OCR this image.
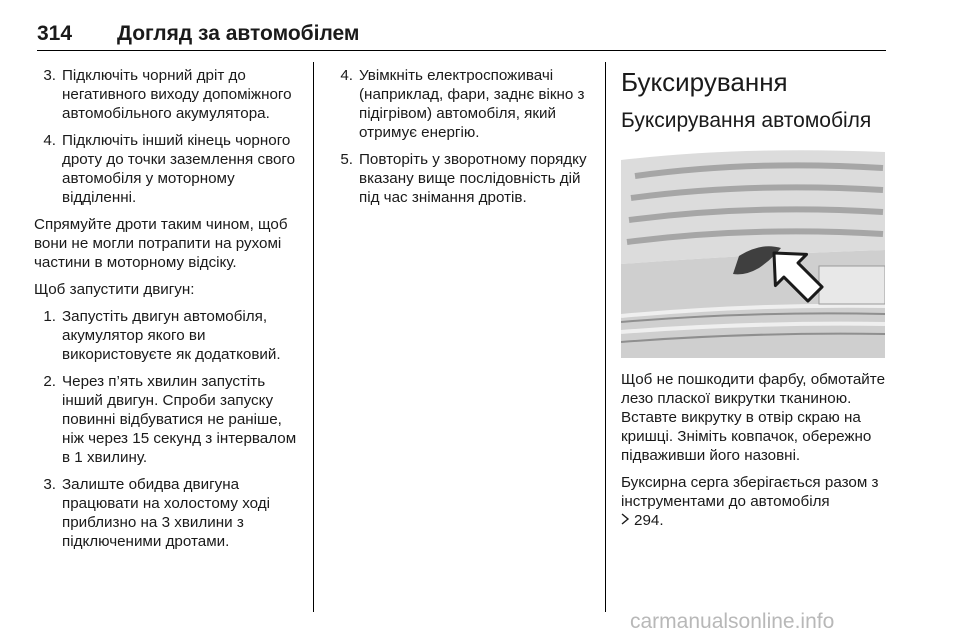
314 Догляд за автомобілем
3. Підключіть чорний дріт до негативного виходу допоміжного автомобільного акумулятора.
4. Підключіть інший кінець чорного дроту до точки заземлення свого автомобіля у моторному відділенні.

Спрямуйте дроти таким чином, щоб вони не могли потрапити на рухомі частини в моторному відсіку.

Щоб запустити двигун:

1. Запустіть двигун автомобіля, акумулятор якого ви використовуєте як додатковий.
2. Через п’ять хвилин запустіть інший двигун. Спроби запуску повинні відбуватися не раніше, ніж через 15 секунд з інтервалом в 1 хвилину.
3. Залиште обидва двигуна працювати на холостому ході приблизно на 3 хвилини з підключеними дротами.
4. Увімкніть електроспоживачі (наприклад, фари, заднє вікно з підігрівом) автомобіля, який отримує енергію.
5. Повторіть у зворотному порядку вказану вище послідовність дій під час знімання дротів.
Буксирування
Буксирування автомобіля

Щоб не пошкодити фарбу, обмотайте лезо пласкої викрутки тканиною. Вставте викрутку в отвір скраю на кришці. Зніміть ковпачок, обережно підваживши його назовні.

Буксирна серга зберігається разом з інструментами до автомобіля
294.

carmanualsonline.info
